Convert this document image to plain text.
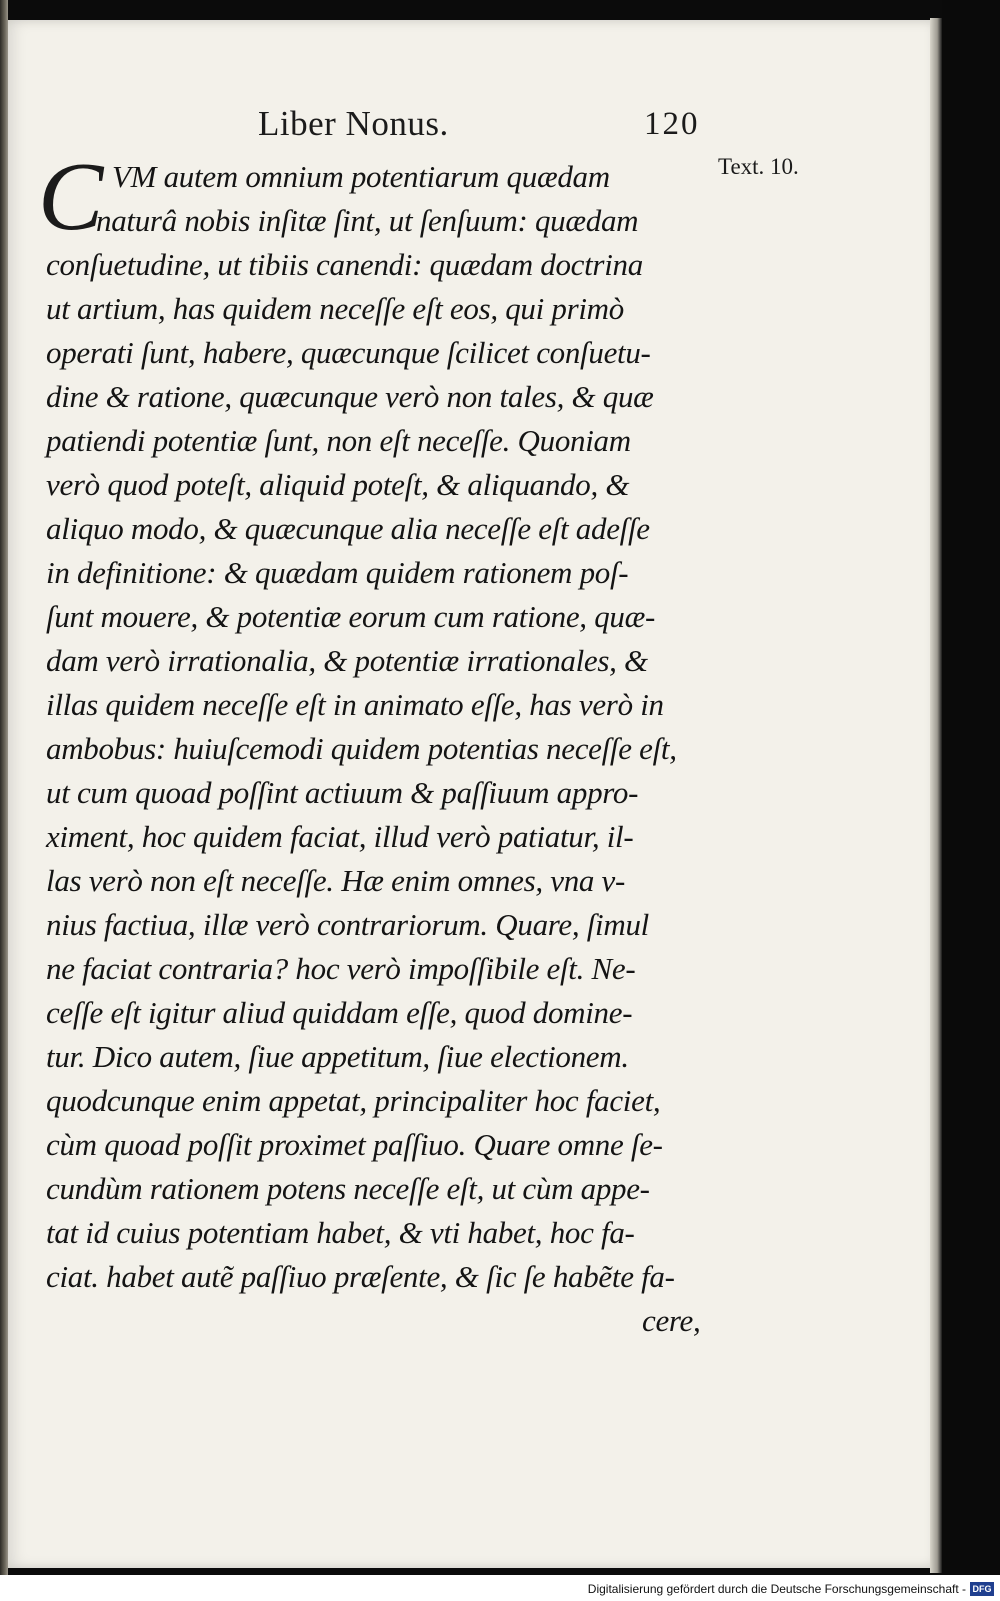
Liber Nonus.	120
Text. 10.
C VM autem omnium potentiarum quædam
naturâ nobis inſitæ ſint, ut ſenſuum: quædam
conſuetudine, ut tibiis canendi: quædam doctrina
ut artium, has quidem neceſſe eſt eos, qui primò
operati ſunt, habere, quæcunque ſcilicet conſuetu-
dine & ratione, quæcunque verò non tales, & quæ
patiendi potentiæ ſunt, non eſt neceſſe. Quoniam
verò quod poteſt, aliquid poteſt, & aliquando, &
aliquo modo, & quæcunque alia neceſſe eſt adeſſe
in definitione: & quædam quidem rationem poſ-
ſunt mouere, & potentiæ eorum cum ratione, quæ-
dam verò irrationalia, & potentiæ irrationales, &
illas quidem neceſſe eſt in animato eſſe, has verò in
ambobus: huiuſcemodi quidem potentias neceſſe eſt,
ut cum quoad poſſint actiuum & paſſiuum appro-
ximent, hoc quidem faciat, illud verò patiatur, il-
las verò non eſt neceſſe. Hæ enim omnes, vna v-
nius factiua, illæ verò contrariorum. Quare, ſimul
ne faciat contraria? hoc verò impoſſibile eſt. Ne-
ceſſe eſt igitur aliud quiddam eſſe, quod domine-
tur. Dico autem, ſiue appetitum, ſiue electionem.
quodcunque enim appetat, principaliter hoc faciet,
cùm quoad poſſit proximet paſſiuo. Quare omne ſe-
cundùm rationem potens neceſſe eſt, ut cùm appe-
tat id cuius potentiam habet, & vti habet, hoc fa-
ciat. habet autẽ paſſiuo præſente, & ſic ſe habẽte fa-
cere,
Digitalisierung gefördert durch die Deutsche Forschungsgemeinschaft - DFG
